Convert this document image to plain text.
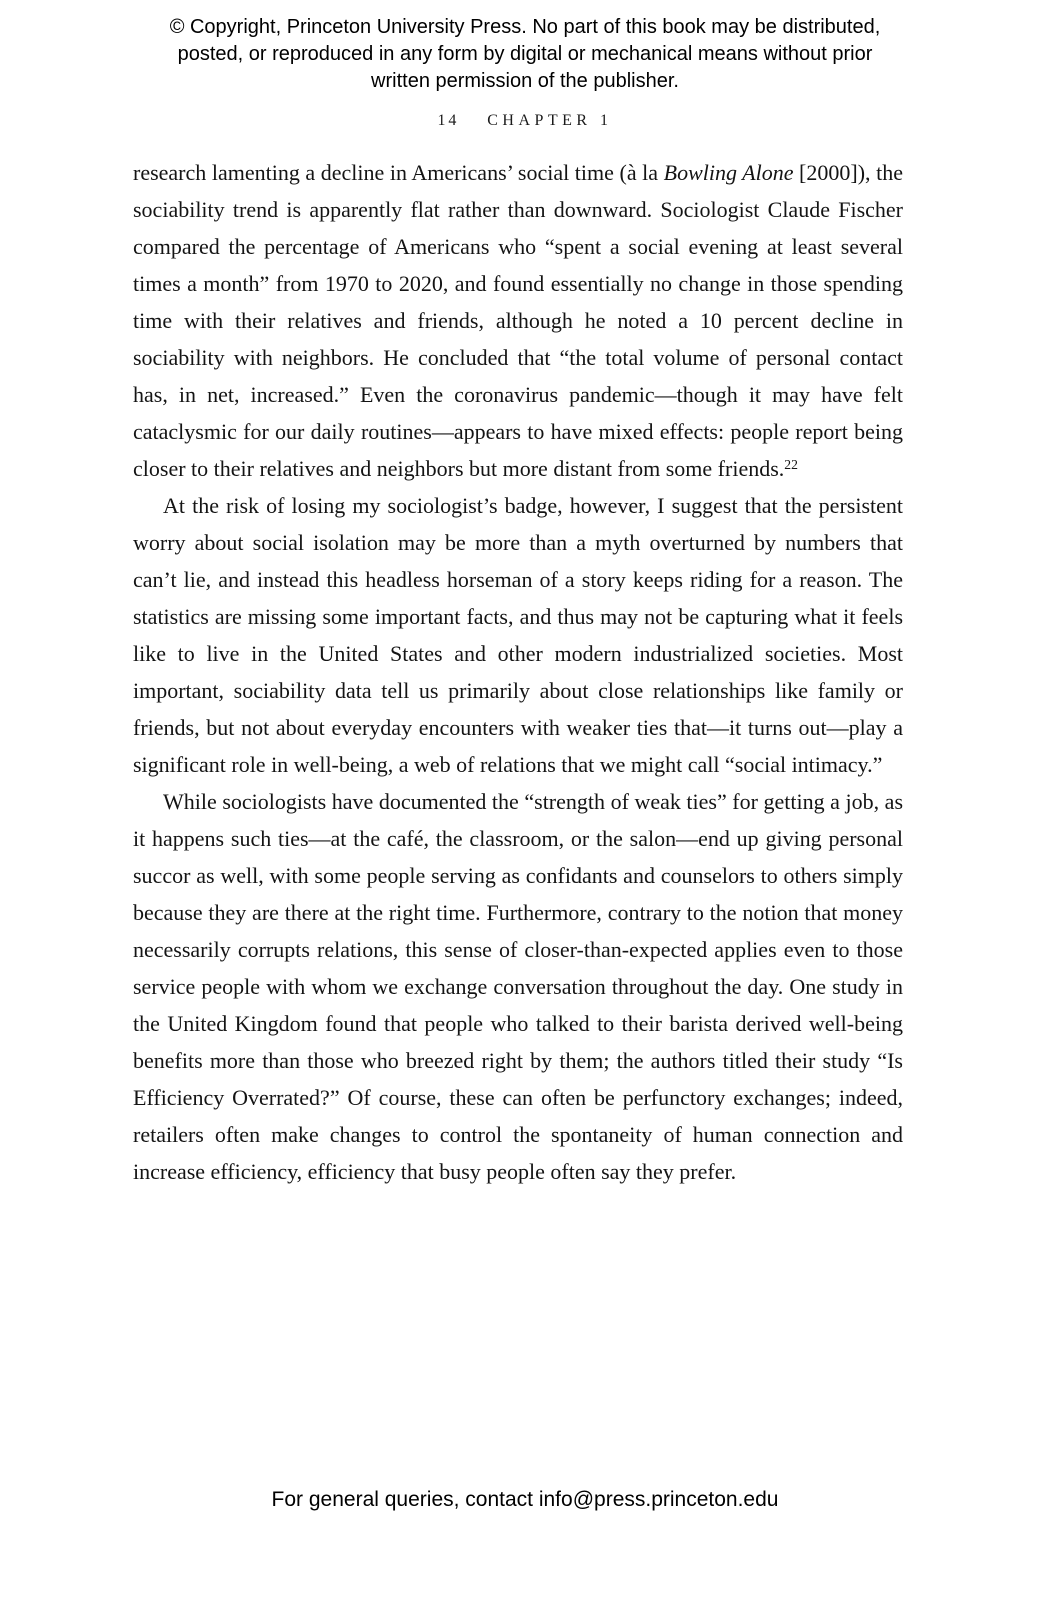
© Copyright, Princeton University Press. No part of this book may be distributed, posted, or reproduced in any form by digital or mechanical means without prior written permission of the publisher.
14 CHAPTER 1

research lamenting a decline in Americans’ social time (à la Bowling Alone [2000]), the sociability trend is apparently flat rather than downward. Sociologist Claude Fischer compared the percentage of Americans who “spent a social evening at least several times a month” from 1970 to 2020, and found essentially no change in those spending time with their relatives and friends, although he noted a 10 percent decline in sociability with neighbors. He concluded that “the total volume of personal contact has, in net, increased.” Even the coronavirus pandemic—though it may have felt cataclysmic for our daily routines—appears to have mixed effects: people report being closer to their relatives and neighbors but more distant from some friends.$^{22}$

At the risk of losing my sociologist’s badge, however, I suggest that the persistent worry about social isolation may be more than a myth overturned by numbers that can’t lie, and instead this headless horseman of a story keeps riding for a reason. The statistics are missing some important facts, and thus may not be capturing what it feels like to live in the United States and other modern industrialized societies. Most important, sociability data tell us primarily about close relationships like family or friends, but not about everyday encounters with weaker ties that—it turns out—play a significant role in well-being, a web of relations that we might call “social intimacy.”

While sociologists have documented the “strength of weak ties” for getting a job, as it happens such ties—at the café, the classroom, or the salon—end up giving personal succor as well, with some people serving as confidants and counselors to others simply because they are there at the right time. Furthermore, contrary to the notion that money necessarily corrupts relations, this sense of closer-than-expected applies even to those service people with whom we exchange conversation throughout the day. One study in the United Kingdom found that people who talked to their barista derived well-being benefits more than those who breezed right by them; the authors titled their study “Is Efficiency Overrated?” Of course, these can often be perfunctory exchanges; indeed, retailers often make changes to control the spontaneity of human connection and increase efficiency, efficiency that busy people often say they prefer.

For general queries, contact info@press.princeton.edu
